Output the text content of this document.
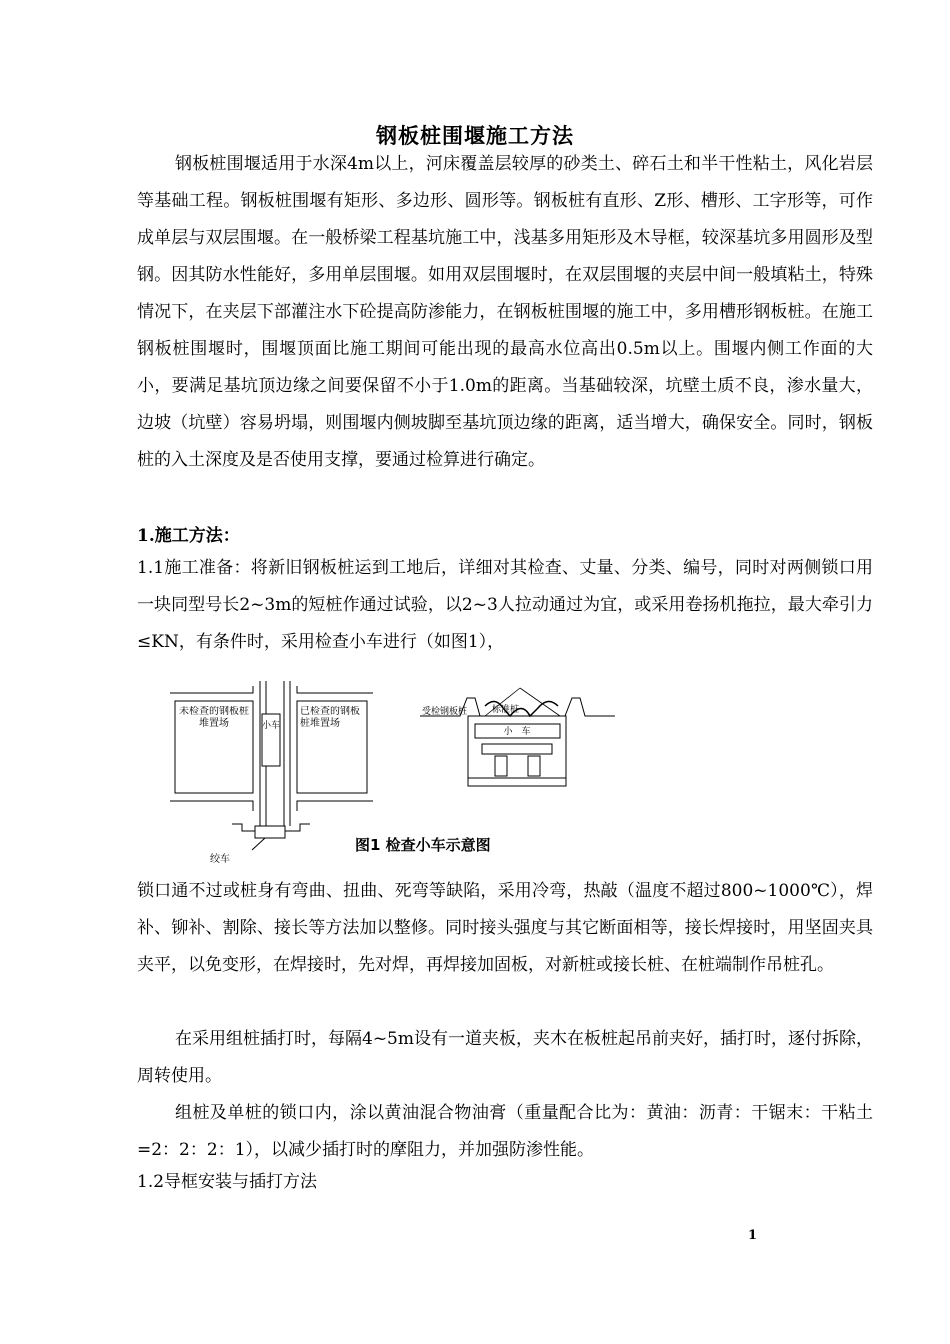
钢板桩围堰施工方法
钢板桩围堰适用于水深4m以上，河床覆盖层较厚的砂类土、碎石土和半干性粘土，风化岩层等基础工程。钢板桩围堰有矩形、多边形、圆形等。钢板桩有直形、Z形、槽形、工字形等，可作成单层与双层围堰。在一般桥梁工程基坑施工中，浅基多用矩形及木导框，较深基坑多用圆形及型钢。因其防水性能好，多用单层围堰。如用双层围堰时，在双层围堰的夹层中间一般填粘土，特殊情况下，在夹层下部灌注水下砼提高防渗能力，在钢板桩围堰的施工中，多用槽形钢板桩。在施工钢板桩围堰时，围堰顶面比施工期间可能出现的最高水位高出0.5m以上。围堰内侧工作面的大小，要满足基坑顶边缘之间要保留不小于1.0m的距离。当基础较深，坑壁土质不良，渗水量大，边坡（坑壁）容易坍塌，则围堰内侧坡脚至基坑顶边缘的距离，适当增大，确保安全。同时，钢板桩的入土深度及是否使用支撑，要通过检算进行确定。
1.施工方法：
1.1施工准备：将新旧钢板桩运到工地后，详细对其检查、丈量、分类、编号，同时对两侧锁口用一块同型号长2~3m的短桩作通过试验，以2~3人拉动通过为宜，或采用卷扬机拖拉，最大牵引力≤KN，有条件时，采用检查小车进行（如图1），
未检查的钢板桩堆置场
已检查的钢板桩堆置场
小车
绞车
小　车
受检钢板桩	标准桩
图1 检查小车示意图
锁口通不过或桩身有弯曲、扭曲、死弯等缺陷，采用冷弯，热敲（温度不超过800~1000℃），焊补、铆补、割除、接长等方法加以整修。同时接头强度与其它断面相等，接长焊接时，用坚固夹具夹平，以免变形，在焊接时，先对焊，再焊接加固板，对新桩或接长桩、在桩端制作吊桩孔。
在采用组桩插打时，每隔4~5m设有一道夹板，夹木在板桩起吊前夹好，插打时，逐付拆除，周转使用。
组桩及单桩的锁口内，涂以黄油混合物油膏（重量配合比为：黄油：沥青：干锯末：干粘土=2：2：2：1），以减少插打时的摩阻力，并加强防渗性能。
1.2导框安装与插打方法
1
